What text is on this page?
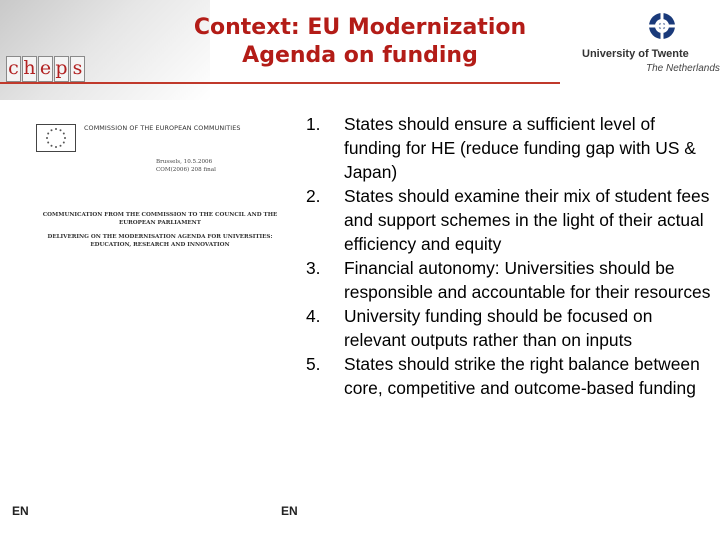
c h e p s
Context: EU Modernization
Agenda on funding	University of Twente
The Netherlands
COMMISSION OF THE EUROPEAN COMMUNITIES
Brussels, 10.5.2006
COM(2006) 208 final
COMMUNICATION FROM THE COMMISSION TO THE COUNCIL AND THE
EUROPEAN PARLIAMENT
DELIVERING ON THE MODERNISATION AGENDA FOR UNIVERSITIES:
EDUCATION, RESEARCH AND INNOVATION
EN	EN
1.	States should ensure a sufficient level of funding for HE (reduce funding gap with US & Japan)
2.	States should examine their mix of student fees and support schemes in the light of their actual efficiency and equity
3.	Financial autonomy: Universities should be responsible and accountable for their resources
4.	University funding should be focused on relevant outputs rather than on inputs
5.	States should strike the right balance between core, competitive and outcome-based funding
